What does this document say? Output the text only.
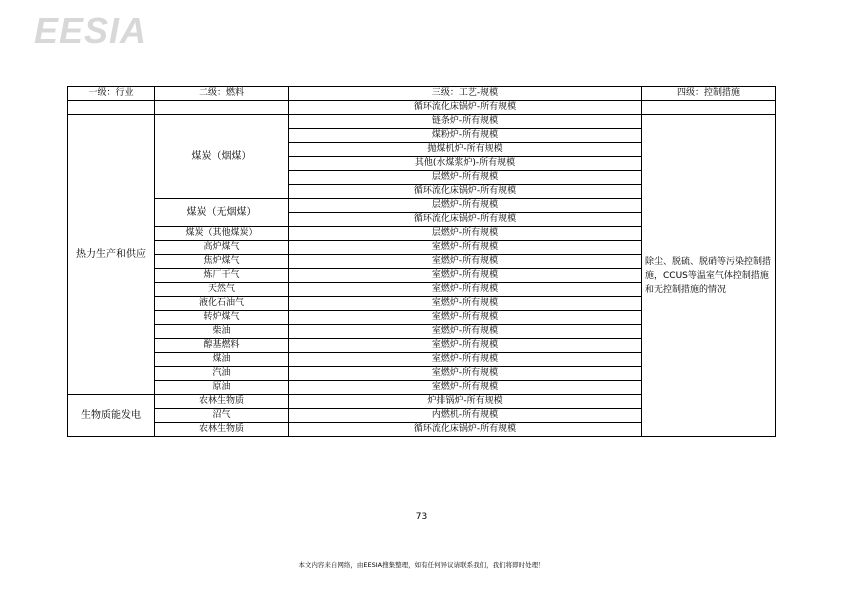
EESIA
一级：行业	二级：燃料	三级：工艺-规模	四级：控制措施
		循环流化床锅炉-所有规模	
热力生产和供应	煤炭（烟煤）	链条炉-所有规模	除尘、脱硫、脱硝等污染控制措施，CCUS等温室气体控制措施和无控制措施的情况
		煤粉炉-所有规模	
		抛煤机炉-所有规模	
		其他(水煤浆炉)-所有规模	
		层燃炉-所有规模	
		循环流化床锅炉-所有规模	
	煤炭（无烟煤）	层燃炉-所有规模	
		循环流化床锅炉-所有规模	
	煤炭（其他煤炭）	层燃炉-所有规模	
	高炉煤气	室燃炉-所有规模	
	焦炉煤气	室燃炉-所有规模	
	炼厂干气	室燃炉-所有规模	
	天然气	室燃炉-所有规模	
	液化石油气	室燃炉-所有规模	
	转炉煤气	室燃炉-所有规模	
	柴油	室燃炉-所有规模	
	醇基燃料	室燃炉-所有规模	
	煤油	室燃炉-所有规模	
	汽油	室燃炉-所有规模	
	原油	室燃炉-所有规模	
生物质能发电	农林生物质	炉排锅炉-所有规模	
	沼气	内燃机-所有规模	
	农林生物质	循环流化床锅炉-所有规模	
73
本文内容来自网络，由EESIA搜集整理，如有任何异议请联系我们，我们将即时处理！
